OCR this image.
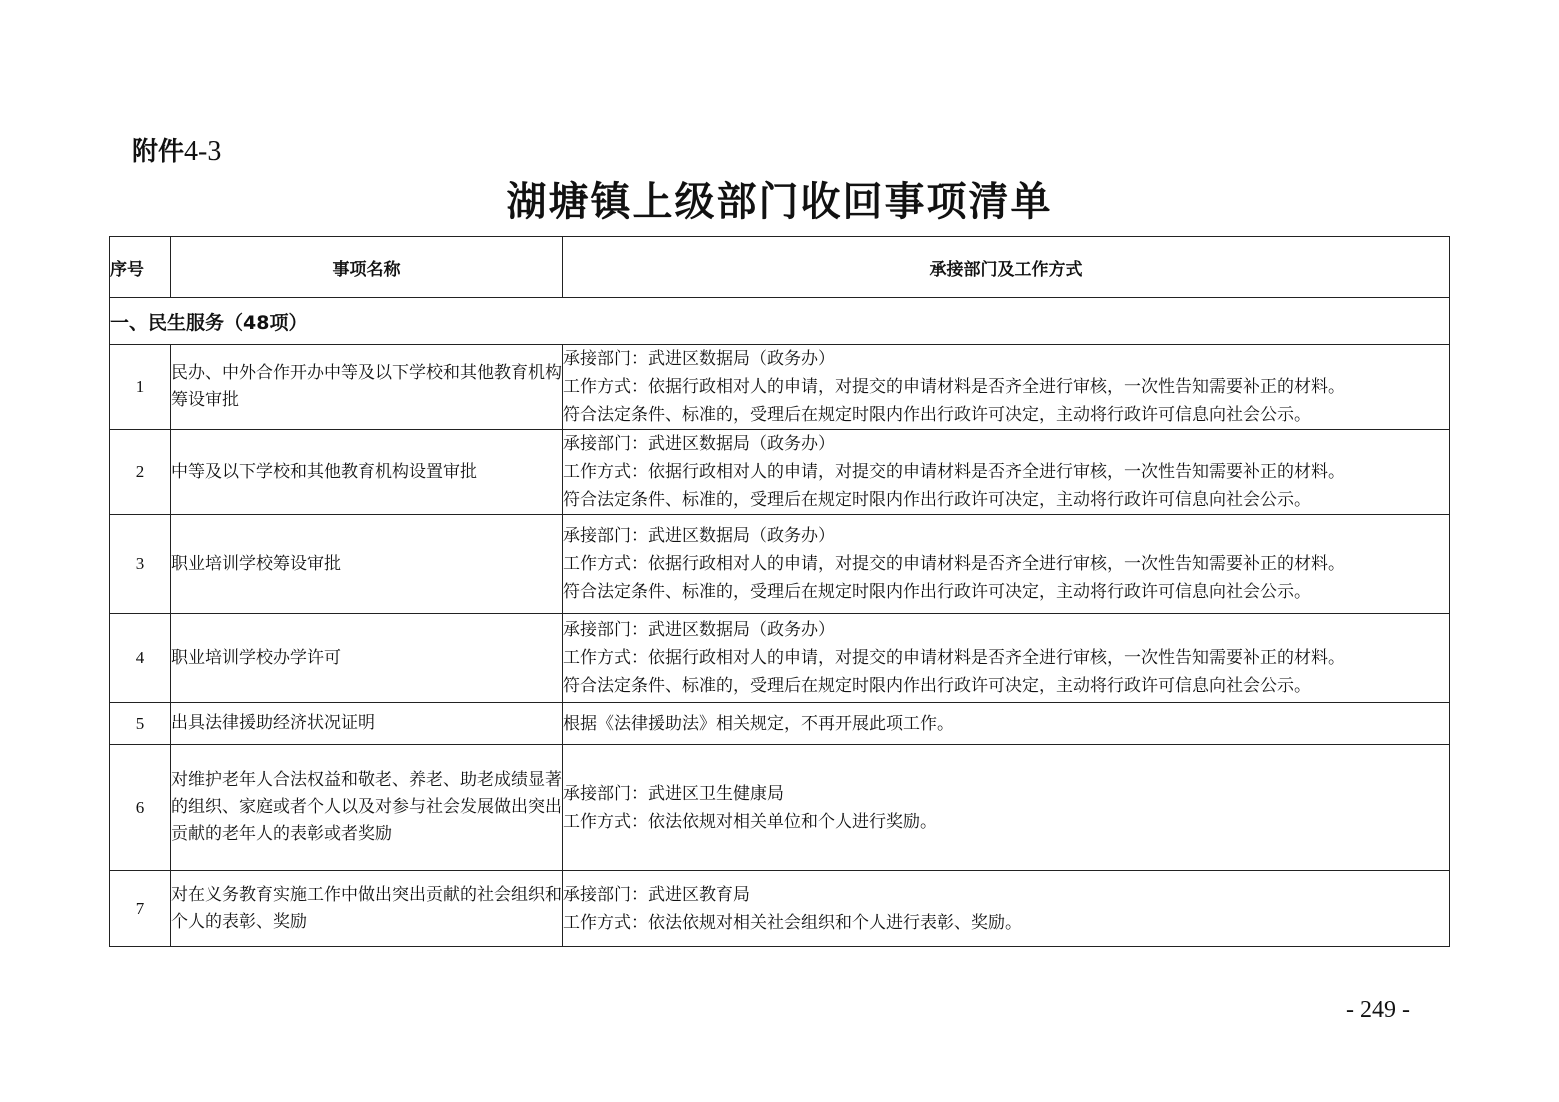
附件4-3
湖塘镇上级部门收回事项清单
序号	事项名称	承接部门及工作方式
一、民生服务（48项）		
1	民办、中外合作开办中等及以下学校和其他教育机构筹设审批	承接部门：武进区数据局（政务办）
工作方式：依据行政相对人的申请，对提交的申请材料是否齐全进行审核，一次性告知需要补正的材料。
符合法定条件、标准的，受理后在规定时限内作出行政许可决定，主动将行政许可信息向社会公示。

2	中等及以下学校和其他教育机构设置审批	承接部门：武进区数据局（政务办）
工作方式：依据行政相对人的申请，对提交的申请材料是否齐全进行审核，一次性告知需要补正的材料。
符合法定条件、标准的，受理后在规定时限内作出行政许可决定，主动将行政许可信息向社会公示。

3	职业培训学校筹设审批	承接部门：武进区数据局（政务办）
工作方式：依据行政相对人的申请，对提交的申请材料是否齐全进行审核，一次性告知需要补正的材料。
符合法定条件、标准的，受理后在规定时限内作出行政许可决定，主动将行政许可信息向社会公示。

4	职业培训学校办学许可	承接部门：武进区数据局（政务办）
工作方式：依据行政相对人的申请，对提交的申请材料是否齐全进行审核，一次性告知需要补正的材料。
符合法定条件、标准的，受理后在规定时限内作出行政许可决定，主动将行政许可信息向社会公示。

5	出具法律援助经济状况证明	根据《法律援助法》相关规定，不再开展此项工作。

6	对维护老年人合法权益和敬老、养老、助老成绩显著的组织、家庭或者个人以及对参与社会发展做出突出贡献的老年人的表彰或者奖励	承接部门：武进区卫生健康局
工作方式：依法依规对相关单位和个人进行奖励。

7	对在义务教育实施工作中做出突出贡献的社会组织和个人的表彰、奖励	承接部门：武进区教育局
工作方式：依法依规对相关社会组织和个人进行表彰、奖励。
- 249 -
